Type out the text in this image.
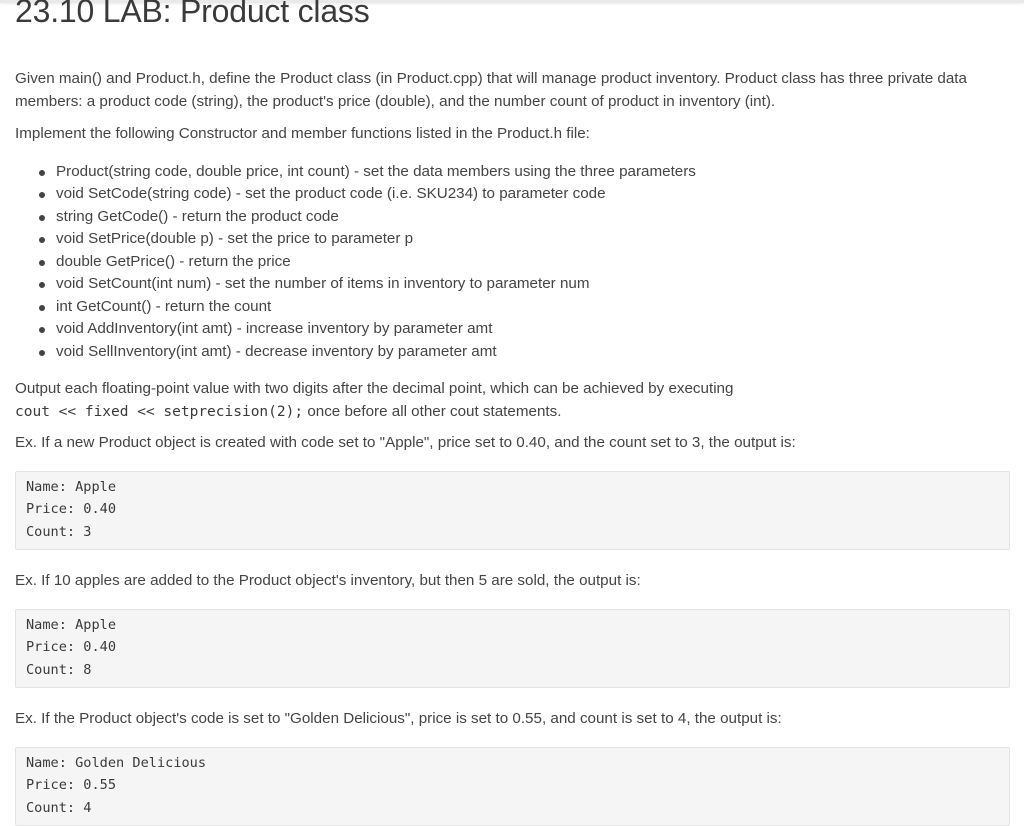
23.10 LAB: Product class

Given main() and Product.h, define the Product class (in Product.cpp) that will manage product inventory. Product class has three private data members: a product code (string), the product's price (double), and the number count of product in inventory (int).

Implement the following Constructor and member functions listed in the Product.h file:

Product(string code, double price, int count) - set the data members using the three parameters
void SetCode(string code) - set the product code (i.e. SKU234) to parameter code
string GetCode() - return the product code
void SetPrice(double p) - set the price to parameter p
double GetPrice() - return the price
void SetCount(int num) - set the number of items in inventory to parameter num
int GetCount() - return the count
void AddInventory(int amt) - increase inventory by parameter amt
void SellInventory(int amt) - decrease inventory by parameter amt

Output each floating-point value with two digits after the decimal point, which can be achieved by executing
cout << fixed << setprecision(2); once before all other cout statements.

Ex. If a new Product object is created with code set to "Apple", price set to 0.40, and the count set to 3, the output is:

Name: Apple
Price: 0.40
Count: 3

Ex. If 10 apples are added to the Product object's inventory, but then 5 are sold, the output is:

Name: Apple
Price: 0.40
Count: 8

Ex. If the Product object's code is set to "Golden Delicious", price is set to 0.55, and count is set to 4, the output is:

Name: Golden Delicious
Price: 0.55
Count: 4
